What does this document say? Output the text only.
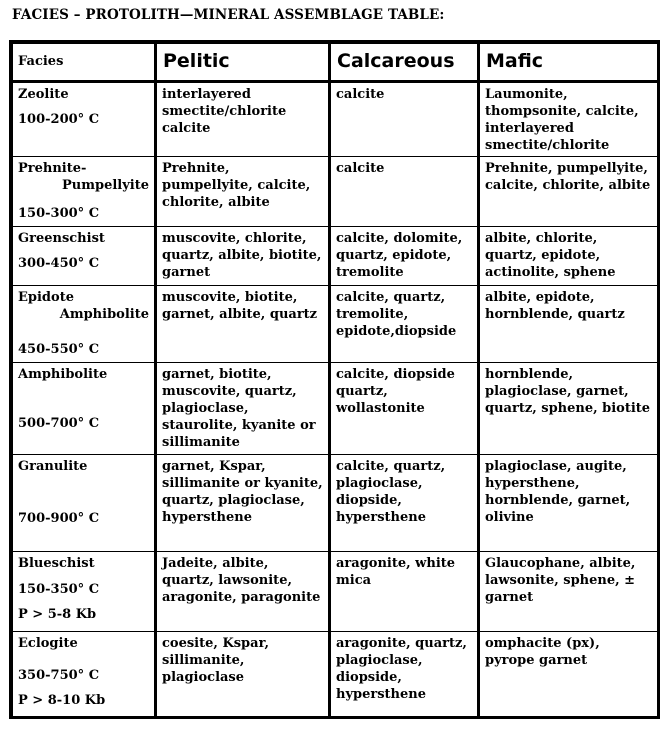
FACIES – PROTOLITH—MINERAL ASSEMBLAGE TABLE:
Facies	Pelitic	Calcareous	Mafic

Zeolite
100-200° C	interlayered smectite/chlorite calcite	calcite	Laumonite, thompsonite, calcite, interlayered smectite/chlorite

Prehnite-
Pumpellyite
150-300° C	Prehnite, pumpellyite, calcite, chlorite, albite	calcite	Prehnite, pumpellyite, calcite, chlorite, albite

Greenschist
300-450° C	muscovite, chlorite, quartz, albite, biotite, garnet	calcite, dolomite, quartz, epidote, tremolite	albite, chlorite, quartz, epidote, actinolite, sphene

Epidote
Amphibolite
450-550° C	muscovite, biotite, garnet, albite, quartz	calcite, quartz, tremolite, epidote,diopside	albite, epidote, hornblende, quartz

Amphibolite
500-700° C	garnet, biotite, muscovite, quartz, plagioclase, staurolite, kyanite or sillimanite	calcite, diopside quartz, wollastonite	hornblende, plagioclase, garnet, quartz, sphene, biotite

Granulite
700-900° C	garnet, Kspar, sillimanite or kyanite, quartz, plagioclase, hypersthene	calcite, quartz, plagioclase, diopside, hypersthene	plagioclase, augite, hypersthene, hornblende, garnet, olivine

Blueschist
150-350° C
P > 5-8 Kb	Jadeite, albite, quartz, lawsonite, aragonite, paragonite	aragonite, white mica	Glaucophane, albite, lawsonite, sphene, ± garnet

Eclogite
350-750° C
P > 8-10 Kb	coesite, Kspar, sillimanite, plagioclase	aragonite, quartz, plagioclase, diopside, hypersthene	omphacite (px), pyrope garnet
